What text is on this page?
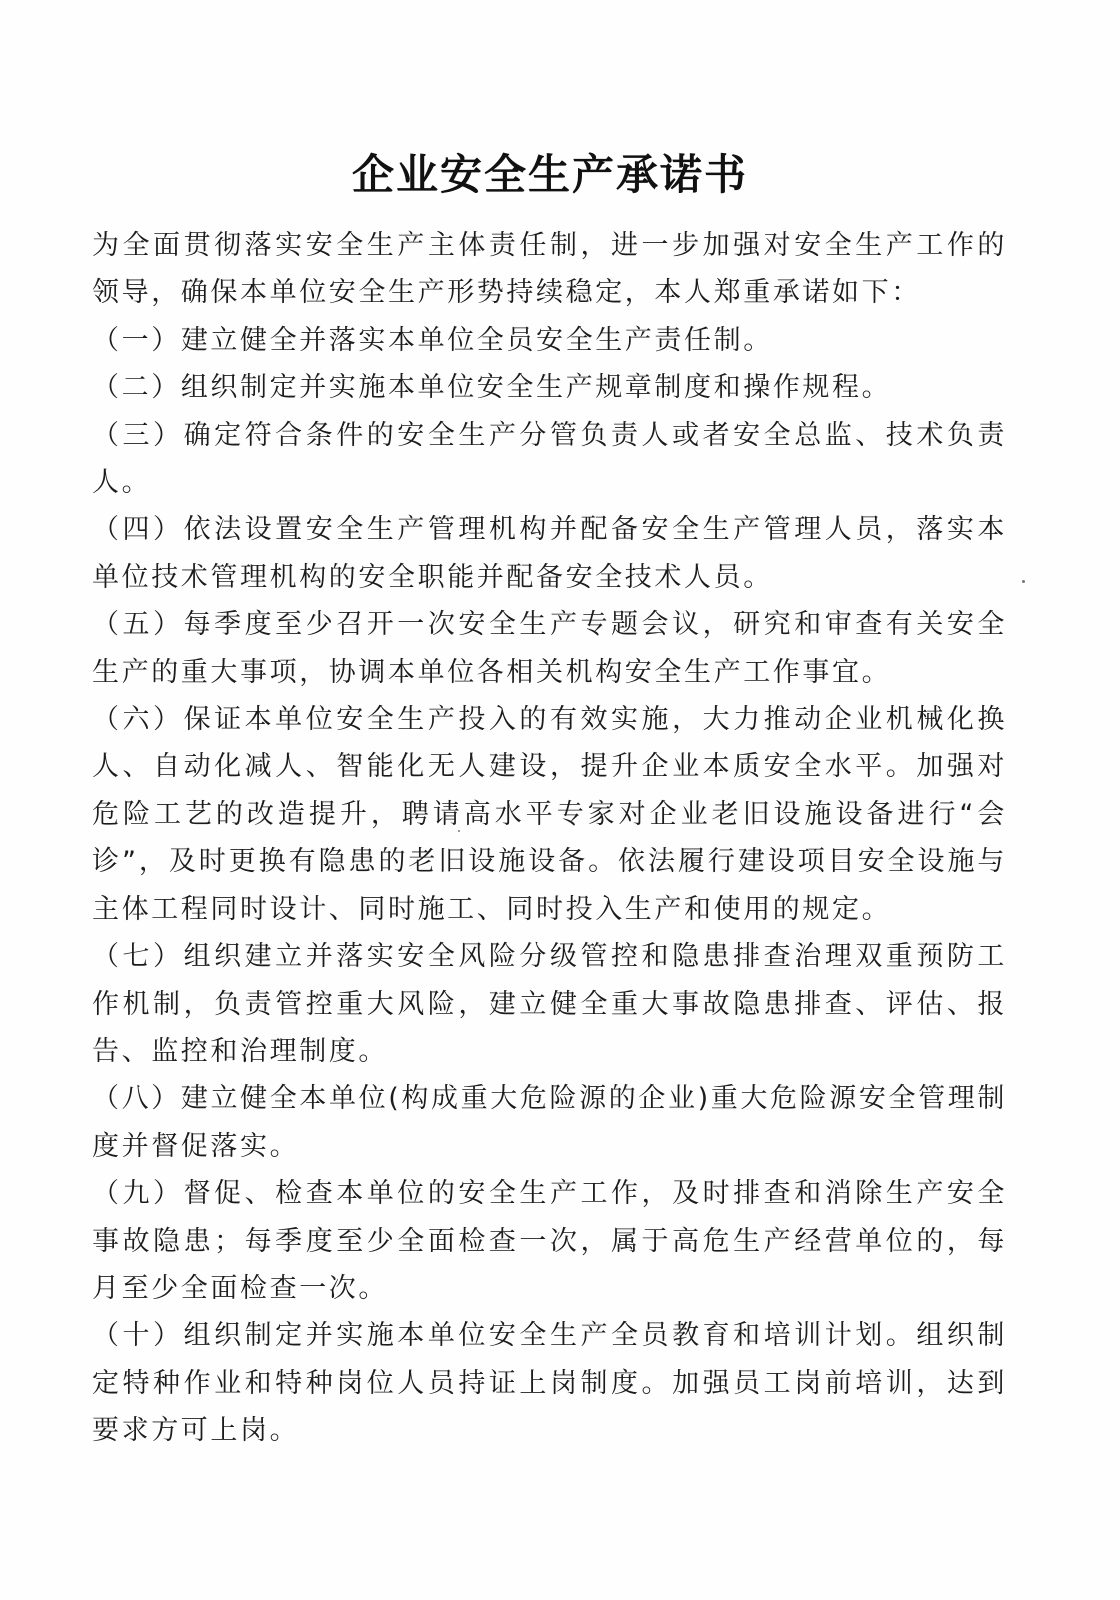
企业安全生产承诺书

为全面贯彻落实安全生产主体责任制，进一步加强对安全生产工作的领导，确保本单位安全生产形势持续稳定，本人郑重承诺如下：

（一）建立健全并落实本单位全员安全生产责任制。

（二）组织制定并实施本单位安全生产规章制度和操作规程。

（三）确定符合条件的安全生产分管负责人或者安全总监、技术负责人。

（四）依法设置安全生产管理机构并配备安全生产管理人员，落实本单位技术管理机构的安全职能并配备安全技术人员。

（五）每季度至少召开一次安全生产专题会议，研究和审查有关安全生产的重大事项，协调本单位各相关机构安全生产工作事宜。

（六）保证本单位安全生产投入的有效实施，大力推动企业机械化换人、自动化减人、智能化无人建设，提升企业本质安全水平。加强对危险工艺的改造提升，聘请高水平专家对企业老旧设施设备进行“会诊”，及时更换有隐患的老旧设施设备。依法履行建设项目安全设施与主体工程同时设计、同时施工、同时投入生产和使用的规定。

（七）组织建立并落实安全风险分级管控和隐患排查治理双重预防工作机制，负责管控重大风险，建立健全重大事故隐患排查、评估、报告、监控和治理制度。

（八）建立健全本单位(构成重大危险源的企业)重大危险源安全管理制度并督促落实。

（九）督促、检查本单位的安全生产工作，及时排查和消除生产安全事故隐患；每季度至少全面检查一次，属于高危生产经营单位的，每月至少全面检查一次。

（十）组织制定并实施本单位安全生产全员教育和培训计划。组织制定特种作业和特种岗位人员持证上岗制度。加强员工岗前培训，达到要求方可上岗。
